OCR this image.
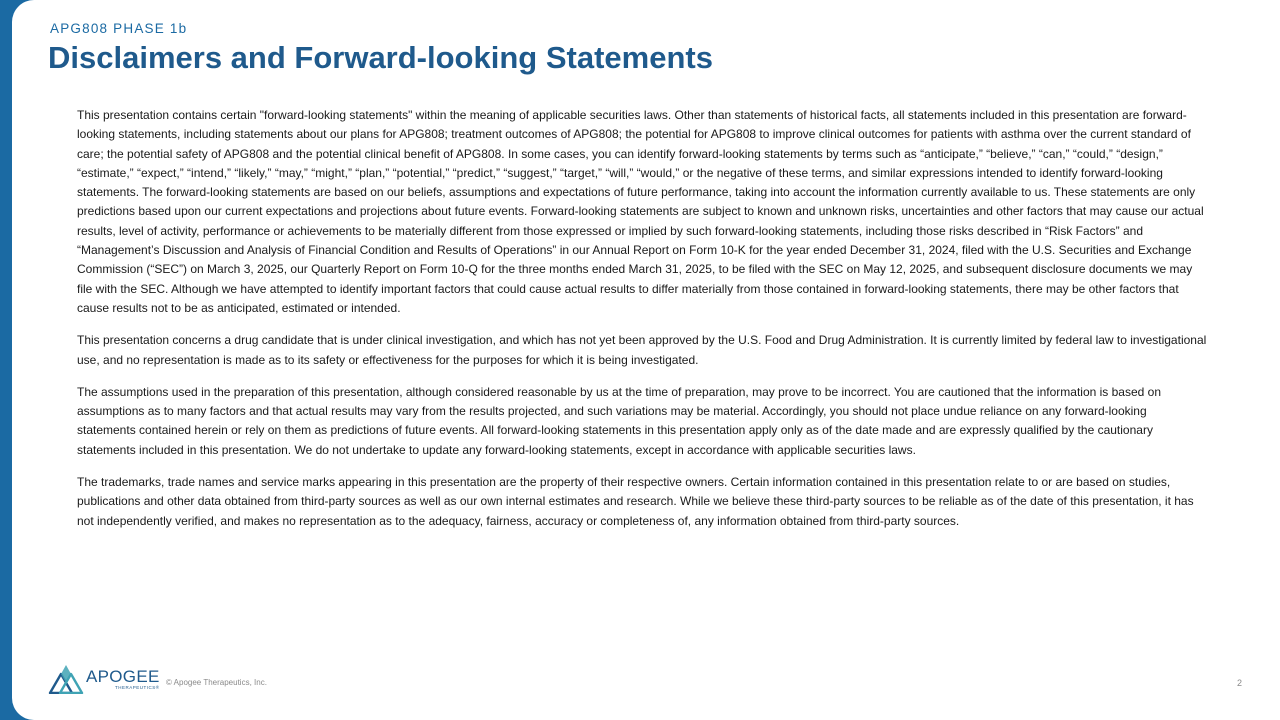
APG808 PHASE 1b
Disclaimers and Forward-looking Statements

This presentation contains certain "forward-looking statements" within the meaning of applicable securities laws. Other than statements of historical facts, all statements included in this presentation are forward-looking statements, including statements about our plans for APG808; treatment outcomes of APG808; the potential for APG808 to improve clinical outcomes for patients with asthma over the current standard of care; the potential safety of APG808 and the potential clinical benefit of APG808. In some cases, you can identify forward-looking statements by terms such as “anticipate,” “believe,” “can,” “could,” “design,” “estimate,” “expect,” “intend,” “likely,” “may,” “might,” “plan,” “potential,” “predict,” “suggest,” “target,” “will,” “would,” or the negative of these terms, and similar expressions intended to identify forward-looking statements. The forward-looking statements are based on our beliefs, assumptions and expectations of future performance, taking into account the information currently available to us. These statements are only predictions based upon our current expectations and projections about future events. Forward-looking statements are subject to known and unknown risks, uncertainties and other factors that may cause our actual results, level of activity, performance or achievements to be materially different from those expressed or implied by such forward-looking statements, including those risks described in “Risk Factors” and “Management’s Discussion and Analysis of Financial Condition and Results of Operations” in our Annual Report on Form 10-K for the year ended December 31, 2024, filed with the U.S. Securities and Exchange Commission (“SEC”) on March 3, 2025, our Quarterly Report on Form 10-Q for the three months ended March 31, 2025, to be filed with the SEC on May 12, 2025, and subsequent disclosure documents we may file with the SEC. Although we have attempted to identify important factors that could cause actual results to differ materially from those contained in forward-looking statements, there may be other factors that cause results not to be as anticipated, estimated or intended.

This presentation concerns a drug candidate that is under clinical investigation, and which has not yet been approved by the U.S. Food and Drug Administration. It is currently limited by federal law to investigational use, and no representation is made as to its safety or effectiveness for the purposes for which it is being investigated.

The assumptions used in the preparation of this presentation, although considered reasonable by us at the time of preparation, may prove to be incorrect. You are cautioned that the information is based on assumptions as to many factors and that actual results may vary from the results projected, and such variations may be material. Accordingly, you should not place undue reliance on any forward-looking statements contained herein or rely on them as predictions of future events. All forward-looking statements in this presentation apply only as of the date made and are expressly qualified by the cautionary statements included in this presentation. We do not undertake to update any forward-looking statements, except in accordance with applicable securities laws.

The trademarks, trade names and service marks appearing in this presentation are the property of their respective owners. Certain information contained in this presentation relate to or are based on studies, publications and other data obtained from third-party sources as well as our own internal estimates and research. While we believe these third-party sources to be reliable as of the date of this presentation, it has not independently verified, and makes no representation as to the adequacy, fairness, accuracy or completeness of, any information obtained from third-party sources.

APOGEE
THERAPEUTICS®
© Apogee Therapeutics, Inc.	2
